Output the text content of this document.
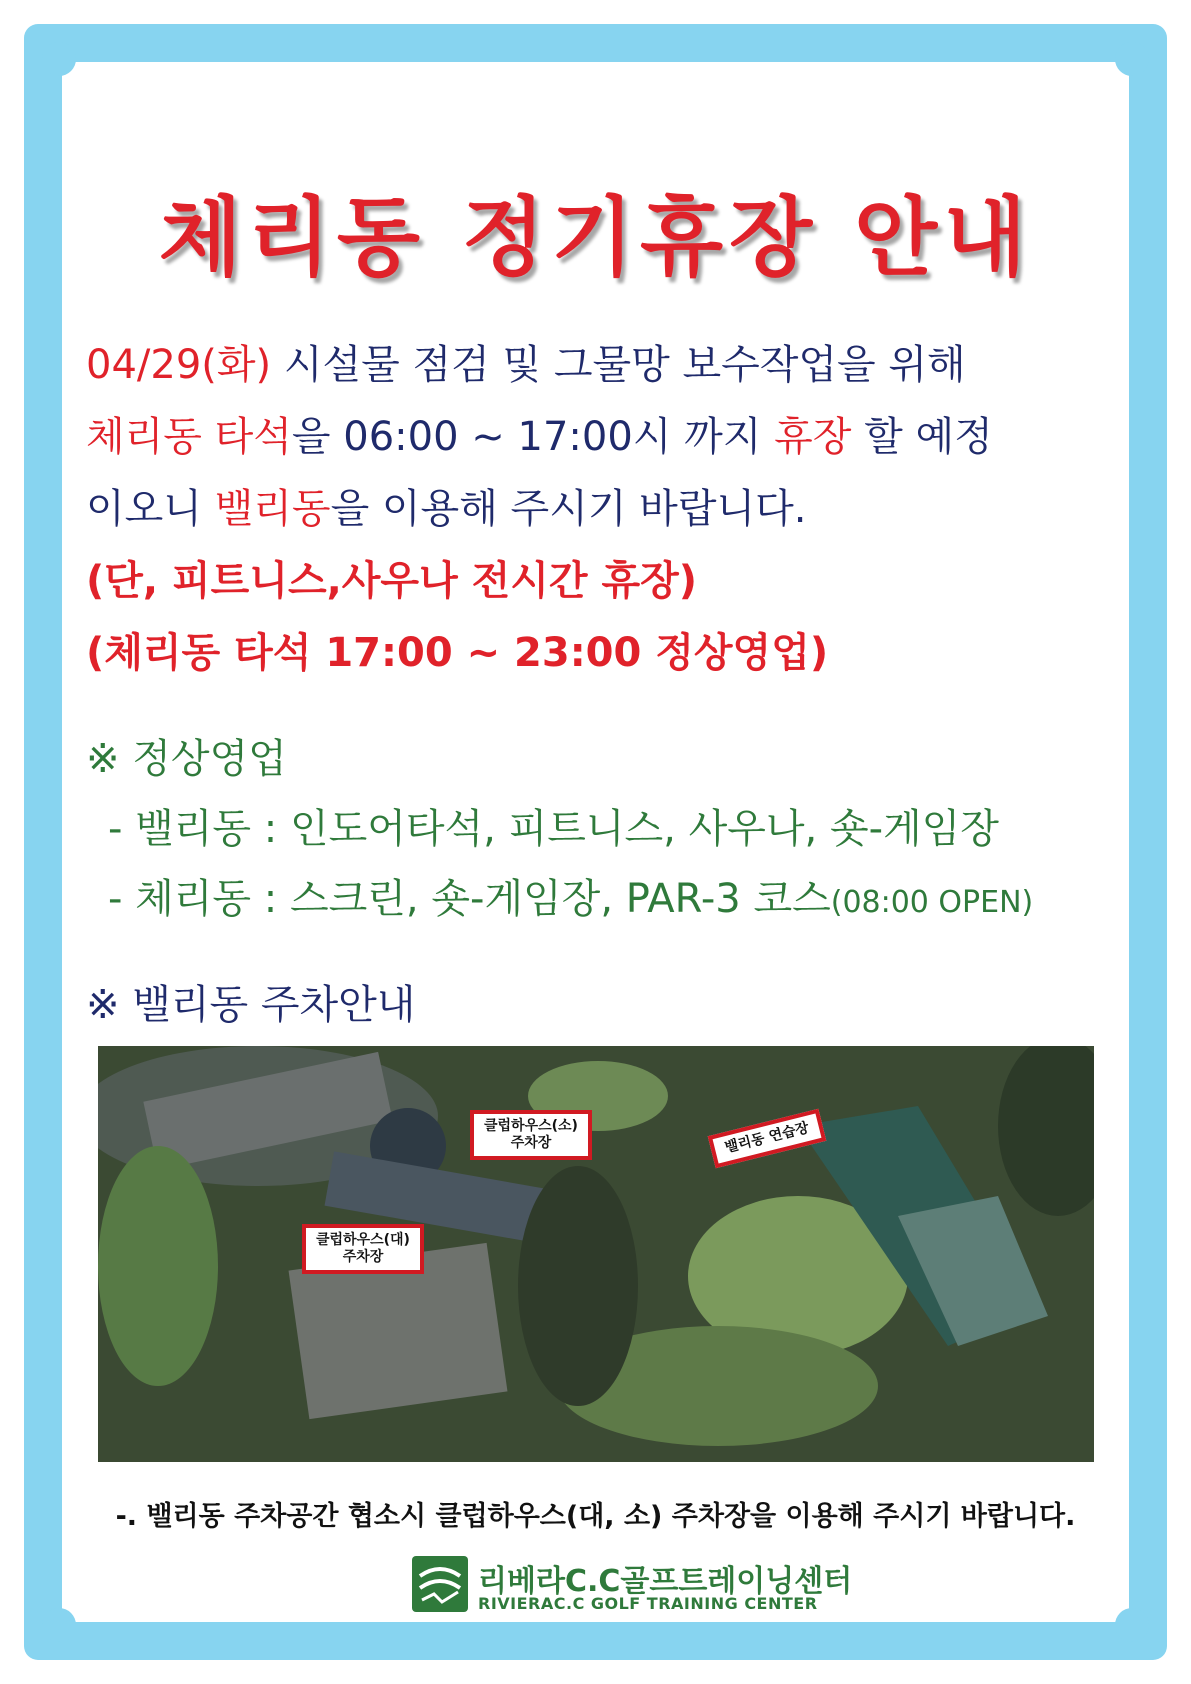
체리동 정기휴장 안내
04/29(화) 시설물 점검 및 그물망 보수작업을 위해
체리동 타석을 06:00 ~ 17:00시 까지 휴장 할 예정
이오니 밸리동을 이용해 주시기 바랍니다.
(단, 피트니스,사우나 전시간 휴장)
(체리동 타석 17:00 ~ 23:00 정상영업)
※ 정상영업
- 밸리동 : 인도어타석, 피트니스, 사우나, 숏-게임장
- 체리동 : 스크린, 숏-게임장, PAR-3 코스(08:00 OPEN)
※ 밸리동 주차안내
밸리동 연습장
클럽하우스(소)
주차장
클럽하우스(대)
주차장
-. 밸리동 주차공간 협소시 클럽하우스(대, 소) 주차장을 이용해 주시기 바랍니다.
리베라C.C골프트레이닝센터
RIVIERAC.C GOLF TRAINING CENTER
